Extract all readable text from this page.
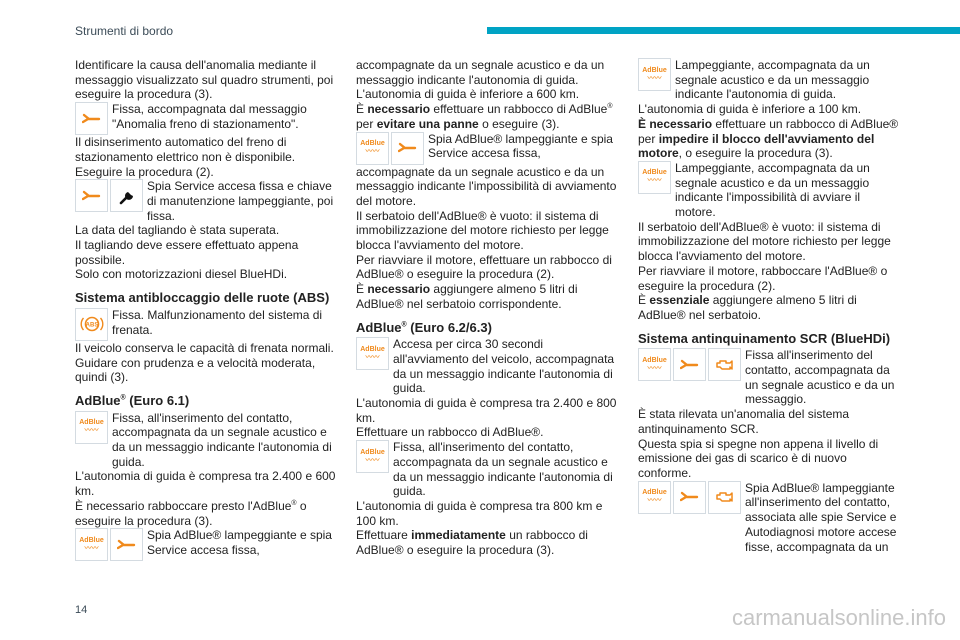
Strumenti di bordo

Identificare la causa dell'anomalia mediante il messaggio visualizzato sul quadro strumenti, poi eseguire la procedura (3).

Fissa, accompagnata dal messaggio "Anomalia freno di stazionamento".

Il disinserimento automatico del freno di stazionamento elettrico non è disponibile.

Eseguire la procedura (2).

Spia Service accesa fissa e chiave di manutenzione lampeggiante, poi fissa.

La data del tagliando è stata superata.

Il tagliando deve essere effettuato appena possibile.

Solo con motorizzazioni diesel BlueHDi.

Sistema antibloccaggio delle ruote (ABS)
ABS
Fissa. Malfunzionamento del sistema di frenata.

Il veicolo conserva le capacità di frenata normali. Guidare con prudenza e a velocità moderata, quindi (3).

AdBlue® (Euro 6.1)
AdBlue
〰〰
Fissa, all'inserimento del contatto, accompagnata da un segnale acustico e da un messaggio indicante l'autonomia di guida.

L'autonomia di guida è compresa tra 2.400 e 600 km.

È necessario rabboccare presto l'AdBlue® o eseguire la procedura (3).

AdBlue
〰〰
Spia AdBlue® lampeggiante e spia Service accesa fissa,

accompagnate da un segnale acustico e da un messaggio indicante l'autonomia di guida.

L'autonomia di guida è inferiore a 600 km.

È necessario effettuare un rabbocco di AdBlue® per evitare una panne o eseguire (3).

AdBlue
〰〰
Spia AdBlue® lampeggiante e spia Service accesa fissa,

accompagnate da un segnale acustico e da un messaggio indicante l'impossibilità di avviamento del motore.

Il serbatoio dell'AdBlue® è vuoto: il sistema di immobilizzazione del motore richiesto per legge blocca l'avviamento del motore.

Per riavviare il motore, effettuare un rabbocco di AdBlue® o eseguire la procedura (2).

È necessario aggiungere almeno 5 litri di AdBlue® nel serbatoio corrispondente.

AdBlue® (Euro 6.2/6.3)
AdBlue
〰〰
Accesa per circa 30 secondi all'avviamento del veicolo, accompagnata da un messaggio indicante l'autonomia di guida.

L'autonomia di guida è compresa tra 2.400 e 800 km.

Effettuare un rabbocco di AdBlue®.

AdBlue
〰〰
Fissa, all'inserimento del contatto, accompagnata da un segnale acustico e da un messaggio indicante l'autonomia di guida.

L'autonomia di guida è compresa tra 800 km e 100 km.

Effettuare immediatamente un rabbocco di AdBlue® o eseguire la procedura (3).

AdBlue
〰〰
Lampeggiante, accompagnata da un segnale acustico e da un messaggio indicante l'autonomia di guida.

L'autonomia di guida è inferiore a 100 km.

È necessario effettuare un rabbocco di AdBlue® per impedire il blocco dell'avviamento del motore, o eseguire la procedura (3).

AdBlue
〰〰
Lampeggiante, accompagnata da un segnale acustico e da un messaggio indicante l'impossibilità di avviare il motore.

Il serbatoio dell'AdBlue® è vuoto: il sistema di immobilizzazione del motore richiesto per legge blocca l'avviamento del motore.

Per riavviare il motore, rabboccare l'AdBlue® o eseguire la procedura (2).

È essenziale aggiungere almeno 5 litri di AdBlue® nel serbatoio.

Sistema antinquinamento SCR (BlueHDi)
AdBlue
〰〰
Fissa all'inserimento del contatto, accompagnata da un segnale acustico e da un messaggio.

È stata rilevata un'anomalia del sistema antinquinamento SCR.

Questa spia si spegne non appena il livello di emissione dei gas di scarico è di nuovo conforme.

AdBlue
〰〰
Spia AdBlue® lampeggiante all'inserimento del contatto, associata alle spie Service e Autodiagnosi motore accese fisse, accompagnata da un
14	carmanualsonline.info
